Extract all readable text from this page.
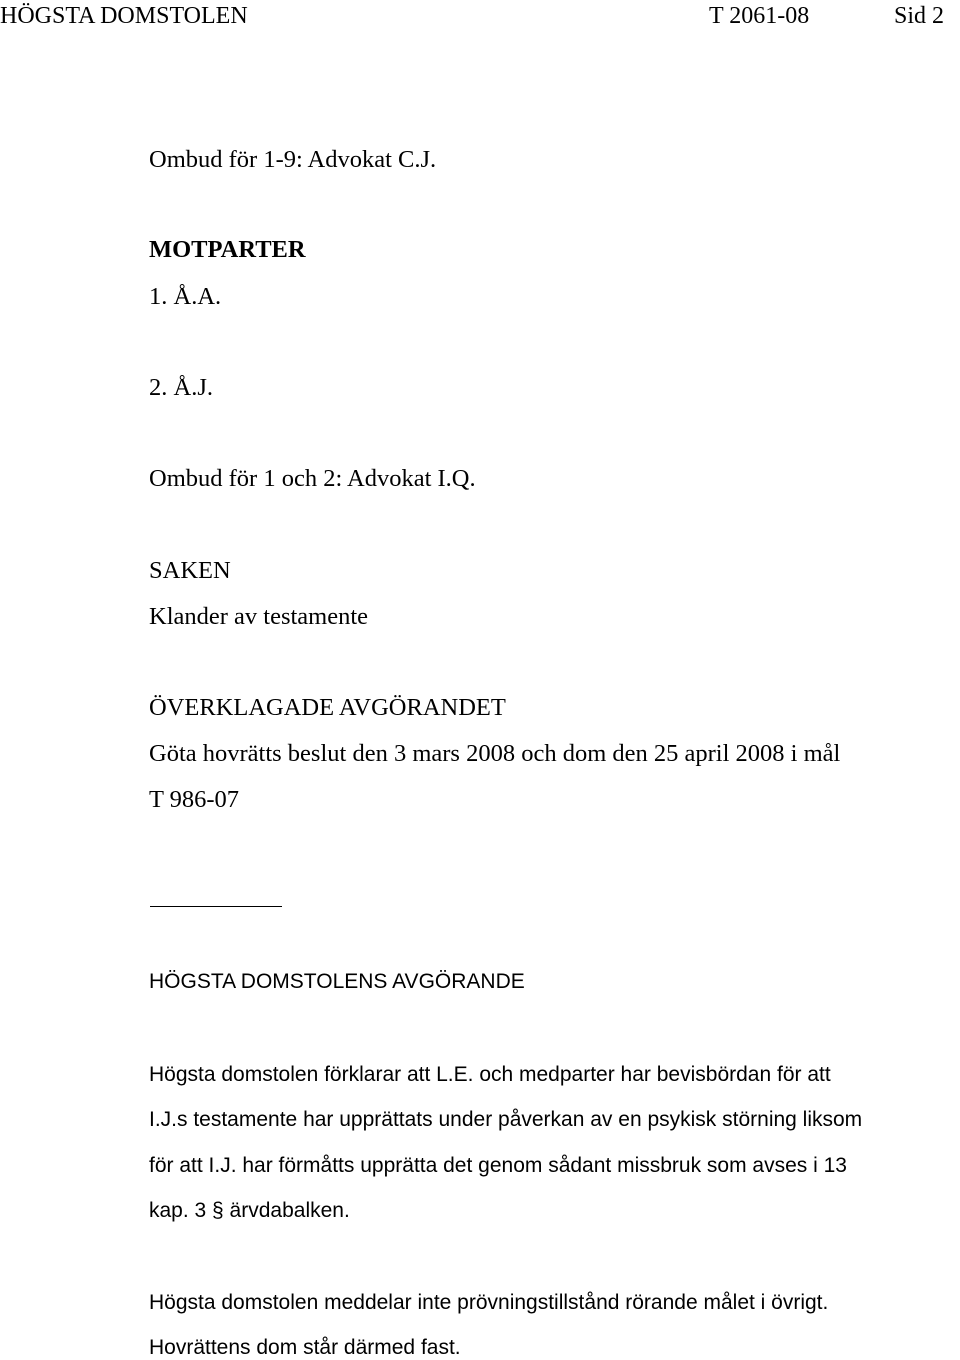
HÖGSTA DOMSTOLEN	T 2061-08	Sid 2
Ombud för 1-9: Advokat C.J.
MOTPARTER
1. Å.A.
2. Å.J.
Ombud för 1 och 2: Advokat I.Q.
SAKEN
Klander av testamente
ÖVERKLAGADE AVGÖRANDET
Göta hovrätts beslut den 3 mars 2008 och dom den 25 april 2008 i mål
T 986-07
HÖGSTA DOMSTOLENS AVGÖRANDE
Högsta domstolen förklarar att L.E. och medparter har bevisbördan för att
I.J.s testamente har upprättats under påverkan av en psykisk störning liksom
för att I.J. har förmåtts upprätta det genom sådant missbruk som avses i 13
kap. 3 § ärvdabalken.
Högsta domstolen meddelar inte prövningstillstånd rörande målet i övrigt.
Hovrättens dom står därmed fast.
